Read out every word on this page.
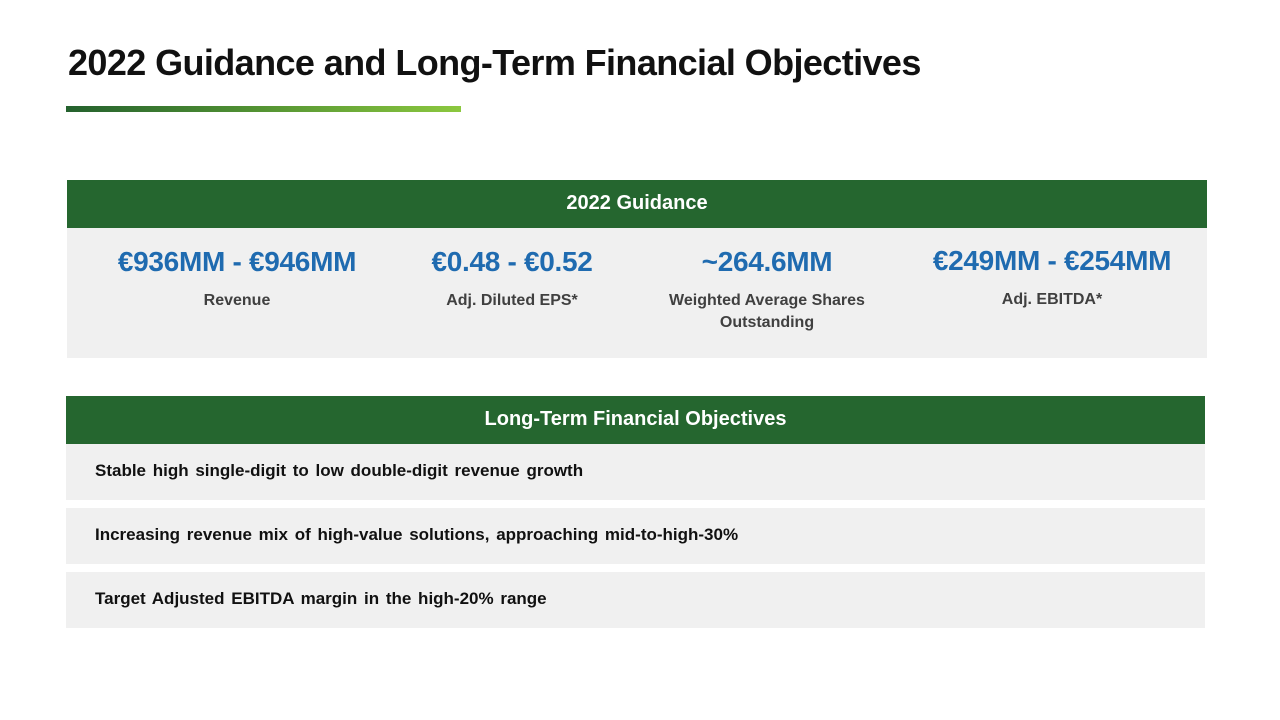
2022 Guidance and Long-Term Financial Objectives
2022 Guidance
€936MM - €946MM
Revenue
€0.48 - €0.52
Adj. Diluted EPS*
~264.6MM
Weighted Average Shares Outstanding
€249MM - €254MM
Adj. EBITDA*
Long-Term Financial Objectives
Stable high single-digit to low double-digit revenue growth
Increasing revenue mix of high-value solutions, approaching mid-to-high-30%
Target Adjusted EBITDA margin in the high-20% range
